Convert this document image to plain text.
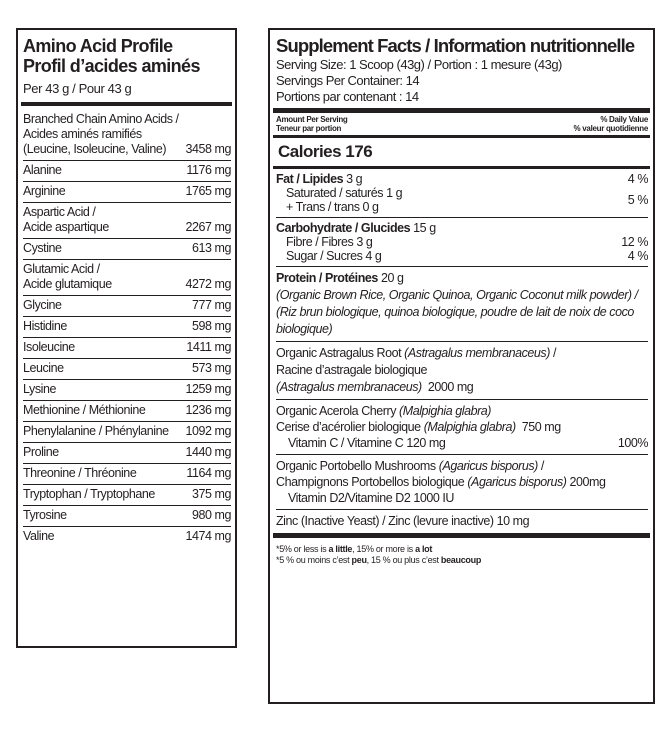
Amino Acid Profile
Profil d’acides aminés
Per 43 g / Pour 43 g
Branched Chain Amino Acids /
Acides aminés ramifiés
(Leucine, Isoleucine, Valine)	3458 mg
Alanine	1176 mg
Arginine	1765 mg
Aspartic Acid /
Acide aspartique	2267 mg
Cystine	613 mg
Glutamic Acid /
Acide glutamique	4272 mg
Glycine	777 mg
Histidine	598 mg
Isoleucine	1411 mg
Leucine	573 mg
Lysine	1259 mg
Methionine / Méthionine	1236 mg
Phenylalanine / Phénylanine 1092 mg
Proline	1440 mg
Threonine / Thréonine	1164 mg
Tryptophan / Tryptophane	375 mg
Tyrosine	980 mg
Valine	1474 mg
Supplement Facts / Information nutritionnelle
Serving Size: 1 Scoop (43g) / Portion : 1 mesure (43g)
Servings Per Container: 14
Portions par contenant : 14
Amount Per Serving
Teneur par portion
% Daily Value
% valeur quotidienne
Calories 176
Fat / Lipides 3 g	4 %
Saturated / saturés 1 g
+ Trans / trans 0 g	5 %
Carbohydrate / Glucides 15 g
Fibre / Fibres 3 g	12 %
Sugar / Sucres 4 g	4 %
Protein / Protéines 20 g
(Organic Brown Rice, Organic Quinoa, Organic Coconut milk powder) /
(Riz brun biologique, quinoa biologique, poudre de lait de noix de coco biologique)
Organic Astragalus Root (Astragalus membranaceus) /
Racine d’astragale biologique
(Astragalus membranaceus) 2000 mg
Organic Acerola Cherry (Malpighia glabra)
Cerise d’acérolier biologique (Malpighia glabra) 750 mg
Vitamin C / Vitamine C 120 mg	100%
Organic Portobello Mushrooms (Agaricus bisporus) /
Champignons Portobellos biologique (Agaricus bisporus) 200mg
Vitamin D2/Vitamine D2 1000 IU
Zinc (Inactive Yeast) / Zinc (levure inactive) 10 mg
*5% or less is a little, 15% or more is a lot
*5 % ou moins c’est peu, 15 % ou plus c’est beaucoup
